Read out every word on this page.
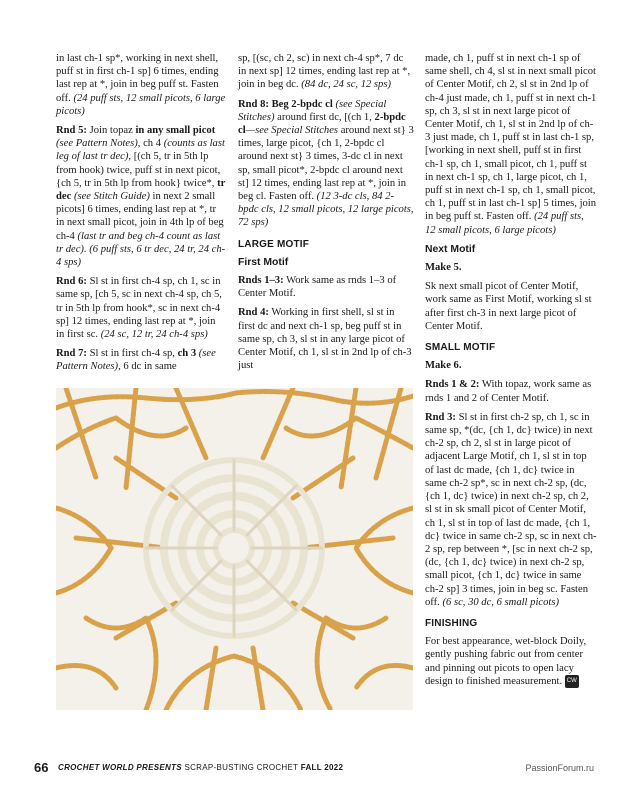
in last ch-1 sp*, working in next shell, puff st in first ch-1 sp] 6 times, ending last rep at *, join in beg puff st. Fasten off. (24 puff sts, 12 small picots, 6 large picots)

Rnd 5: Join topaz in any small picot (see Pattern Notes), ch 4 (counts as last leg of last tr dec), [(ch 5, tr in 5th lp from hook) twice, puff st in next picot, {ch 5, tr in 5th lp from hook} twice*, tr dec (see Stitch Guide) in next 2 small picots] 6 times, ending last rep at *, tr in next small picot, join in 4th lp of beg ch-4 (last tr and beg ch-4 count as last tr dec). (6 puff sts, 6 tr dec, 24 tr, 24 ch-4 sps)

Rnd 6: Sl st in first ch-4 sp, ch 1, sc in same sp, [ch 5, sc in next ch-4 sp, ch 5, tr in 5th lp from hook*, sc in next ch-4 sp] 12 times, ending last rep at *, join in first sc. (24 sc, 12 tr, 24 ch-4 sps)

Rnd 7: Sl st in first ch-4 sp, ch 3 (see Pattern Notes), 6 dc in same

sp, [(sc, ch 2, sc) in next ch-4 sp*, 7 dc in next sp] 12 times, ending last rep at *, join in beg dc. (84 dc, 24 sc, 12 sps)

Rnd 8: Beg 2-bpdc cl (see Special Stitches) around first dc, [(ch 1, 2-bpdc cl—see Special Stitches around next st} 3 times, large picot, {ch 1, 2-bpdc cl around next st} 3 times, 3-dc cl in next sp, small picot*, 2-bpdc cl around next st] 12 times, ending last rep at *, join in beg cl. Fasten off. (12 3-dc cls, 84 2-bpdc cls, 12 small picots, 12 large picots, 72 sps)

LARGE MOTIF
First Motif

Rnds 1–3: Work same as rnds 1–3 of Center Motif.

Rnd 4: Working in first shell, sl st in first dc and next ch-1 sp, beg puff st in same sp, ch 3, sl st in any large picot of Center Motif, ch 1, sl st in 2nd lp of ch-3 just

made, ch 1, puff st in next ch-1 sp of same shell, ch 4, sl st in next small picot of Center Motif, ch 2, sl st in 2nd lp of ch-4 just made, ch 1, puff st in next ch-1 sp, ch 3, sl st in next large picot of Center Motif, ch 1, sl st in 2nd lp of ch-3 just made, ch 1, puff st in last ch-1 sp, [working in next shell, puff st in first ch-1 sp, ch 1, small picot, ch 1, puff st in next ch-1 sp, ch 1, large picot, ch 1, puff st in next ch-1 sp, ch 1, small picot, ch 1, puff st in last ch-1 sp] 5 times, join in beg puff st. Fasten off. (24 puff sts, 12 small picots, 6 large picots)

Next Motif

Make 5.

Sk next small picot of Center Motif, work same as First Motif, working sl st after first ch-3 in next large picot of Center Motif.

SMALL MOTIF

Make 6.

Rnds 1 & 2: With topaz, work same as rnds 1 and 2 of Center Motif.

Rnd 3: Sl st in first ch-2 sp, ch 1, sc in same sp, *(dc, {ch 1, dc} twice) in next ch-2 sp, ch 2, sl st in large picot of adjacent Large Motif, ch 1, sl st in top of last dc made, {ch 1, dc} twice in same ch-2 sp*, sc in next ch-2 sp, (dc, {ch 1, dc} twice) in next ch-2 sp, ch 2, sl st in sk small picot of Center Motif, ch 1, sl st in top of last dc made, {ch 1, dc} twice in same ch-2 sp, sc in next ch-2 sp, rep between *, [sc in next ch-2 sp, (dc, {ch 1, dc} twice) in next ch-2 sp, small picot, {ch 1, dc} twice in same ch-2 sp] 3 times, join in beg sc. Fasten off. (6 sc, 30 dc, 6 small picots)

FINISHING

For best appearance, wet-block Doily, gently pushing fabric out from center and pinning out picots to open lacy design to finished measurement. CW

66 CROCHET WORLD PRESENTS SCRAP-BUSTING CROCHET FALL 2022	PassionForum.ru
